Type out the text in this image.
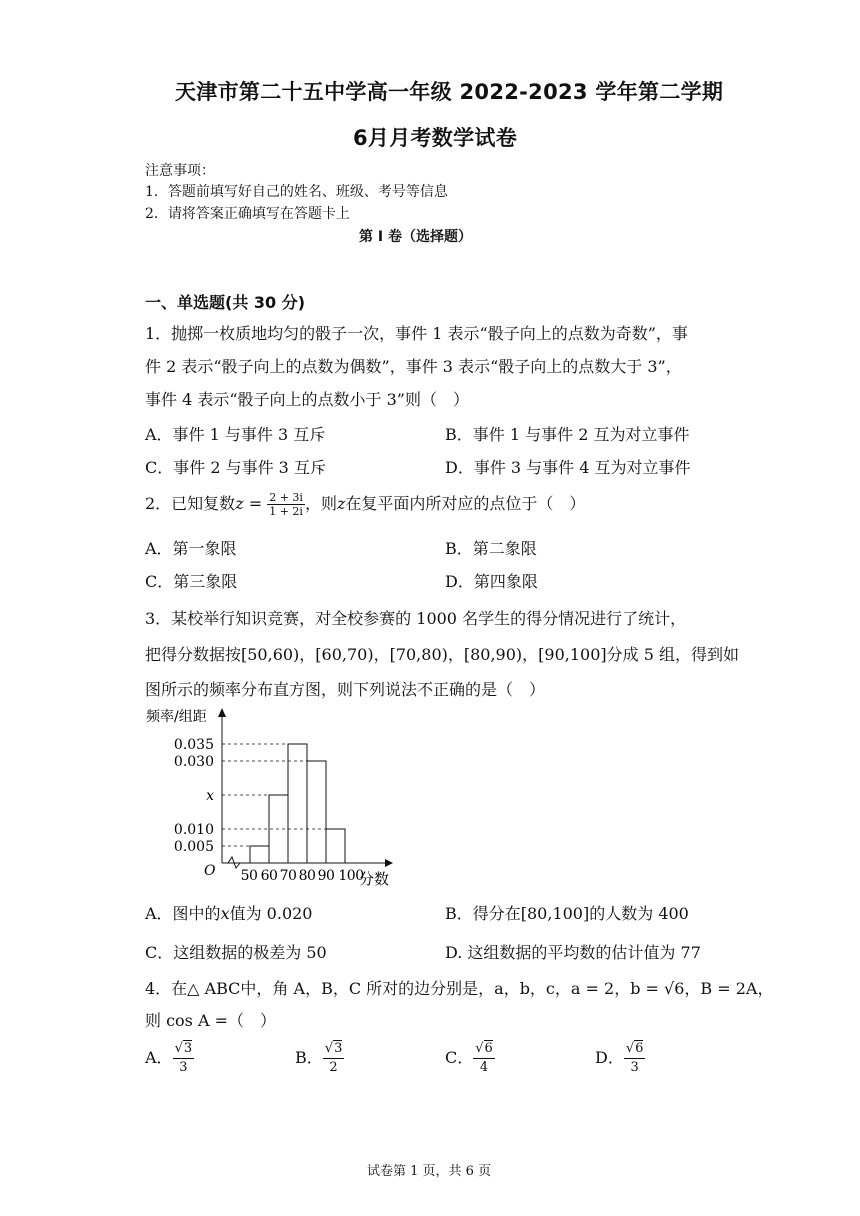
天津市第二十五中学高一年级 2022-2023 学年第二学期
6月月考数学试卷
注意事项：
1．答题前填写好自己的姓名、班级、考号等信息
2．请将答案正确填写在答题卡上
第 I 卷（选择题）
一、单选题(共 30 分)
1．抛掷一枚质地均匀的骰子一次，事件 1 表示“骰子向上的点数为奇数”，事
件 2 表示“骰子向上的点数为偶数”，事件 3 表示“骰子向上的点数大于 3”，
事件 4 表示“骰子向上的点数小于 3”则（　）
A．事件 1 与事件 3 互斥	B．事件 1 与事件 2 互为对立事件
C．事件 2 与事件 3 互斥	D．事件 3 与事件 4 互为对立事件
2．已知复数$z = \frac{2 + 3i}{1 + 2i}$ ，则z在复平面内所对应的点位于（　）
A．第一象限	B．第二象限
C．第三象限	D．第四象限
3．某校举行知识竞赛，对全校参赛的 1000 名学生的得分情况进行了统计，
把得分数据按[50,60)，[60,70)，[70,80)，[80,90)，[90,100]分成 5 组，得到如
图所示的频率分布直方图，则下列说法不正确的是（　）
0.035
0.030
x
0.010
0.005
50 60 70 80 90 100
O
频率/组距
分数
A．图中的x值为 0.020	B．得分在[80,100]的人数为 400
C．这组数据的极差为 50	D. 这组数据的平均数的估计值为 77
4．在△ ABC中，角 A，B，C 所对的边分别是，a，b，c，a = 2，b = √6，B = 2A，
则 cos A =（　）
A． $\frac{√3}{3}$	B． $\frac{√3}{2}$	C． $\frac{√6}{4}$	D． $\frac{√6}{3}$
试卷第 1 页，共 6 页
